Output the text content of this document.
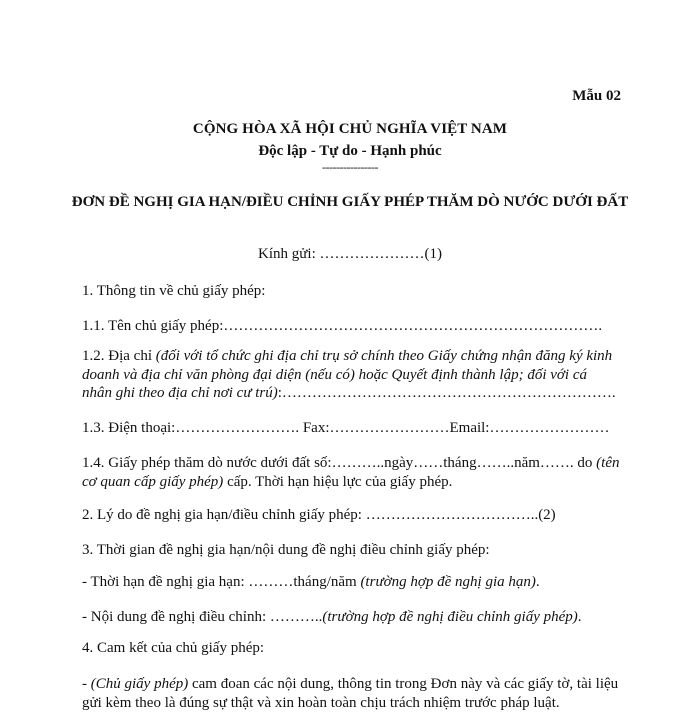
Mẫu 02
CỘNG HÒA XÃ HỘI CHỦ NGHĨA VIỆT NAM
Độc lập - Tự do - Hạnh phúc
----------------
ĐƠN ĐỀ NGHỊ GIA HẠN/ĐIỀU CHỈNH GIẤY PHÉP THĂM DÒ NƯỚC DƯỚI ĐẤT
Kính gửi: …………………(1)
1. Thông tin về chủ giấy phép:
1.1. Tên chủ giấy phép:………………………………………………………………….
1.2. Địa chỉ (đối với tổ chức ghi địa chỉ trụ sở chính theo Giấy chứng nhận đăng ký kinh doanh và địa chỉ văn phòng đại diện (nếu có) hoặc Quyết định thành lập; đối với cá nhân ghi theo địa chỉ nơi cư trú):………………………………………………………….
1.3. Điện thoại:……………………. Fax:……………………Email:……………………
1.4. Giấy phép thăm dò nước dưới đất số:………..ngày……tháng……..năm……. do (tên cơ quan cấp giấy phép) cấp. Thời hạn hiệu lực của giấy phép.
2. Lý do đề nghị gia hạn/điều chỉnh giấy phép: ……………………………..(2)
3. Thời gian đề nghị gia hạn/nội dung đề nghị điều chỉnh giấy phép:
- Thời hạn đề nghị gia hạn: ………tháng/năm (trường hợp đề nghị gia hạn).
- Nội dung đề nghị điều chỉnh: ………..(trường hợp đề nghị điều chỉnh giấy phép).
4. Cam kết của chủ giấy phép:
- (Chủ giấy phép) cam đoan các nội dung, thông tin trong Đơn này và các giấy tờ, tài liệu gửi kèm theo là đúng sự thật và xin hoàn toàn chịu trách nhiệm trước pháp luật.
